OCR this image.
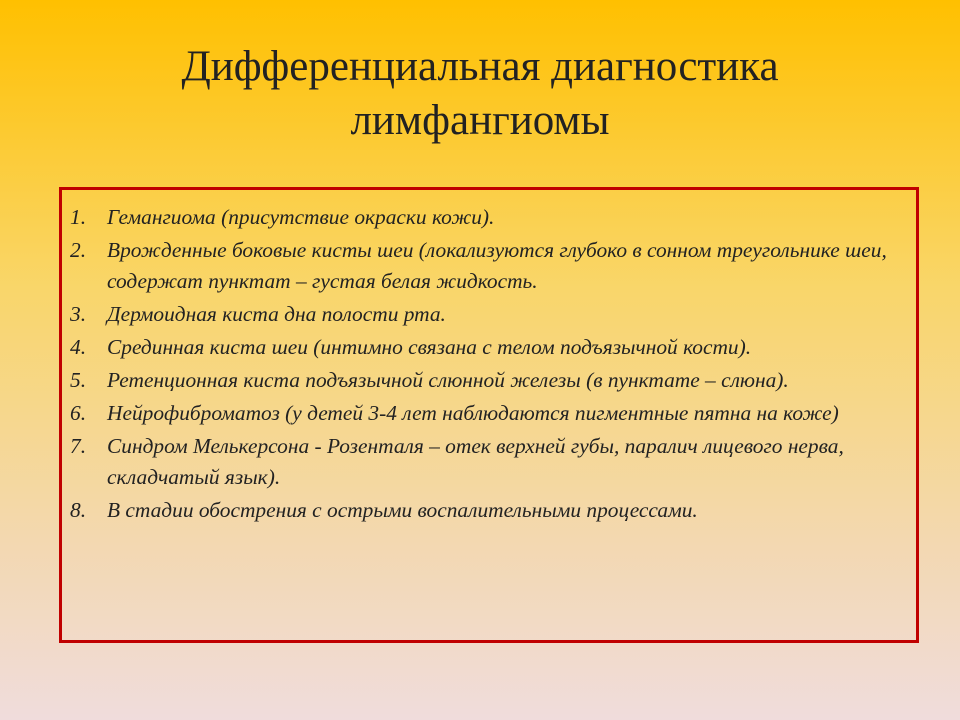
Дифференциальная диагностика
лимфангиомы
1. Гемангиома (присутствие окраски кожи).
2. Врожденные боковые кисты шеи (локализуются глубоко в сонном треугольнике шеи, содержат пунктат – густая белая жидкость.
3. Дермоидная киста дна полости рта.
4. Срединная киста шеи (интимно связана с телом подъязычной кости).
5. Ретенционная киста подъязычной слюнной железы (в пунктате – слюна).
6. Нейрофиброматоз (у детей 3-4 лет наблюдаются пигментные пятна на коже)
7. Синдром Мелькерсона - Розенталя – отек верхней губы, паралич лицевого нерва, складчатый язык).
8. В стадии обострения с острыми воспалительными процессами.
